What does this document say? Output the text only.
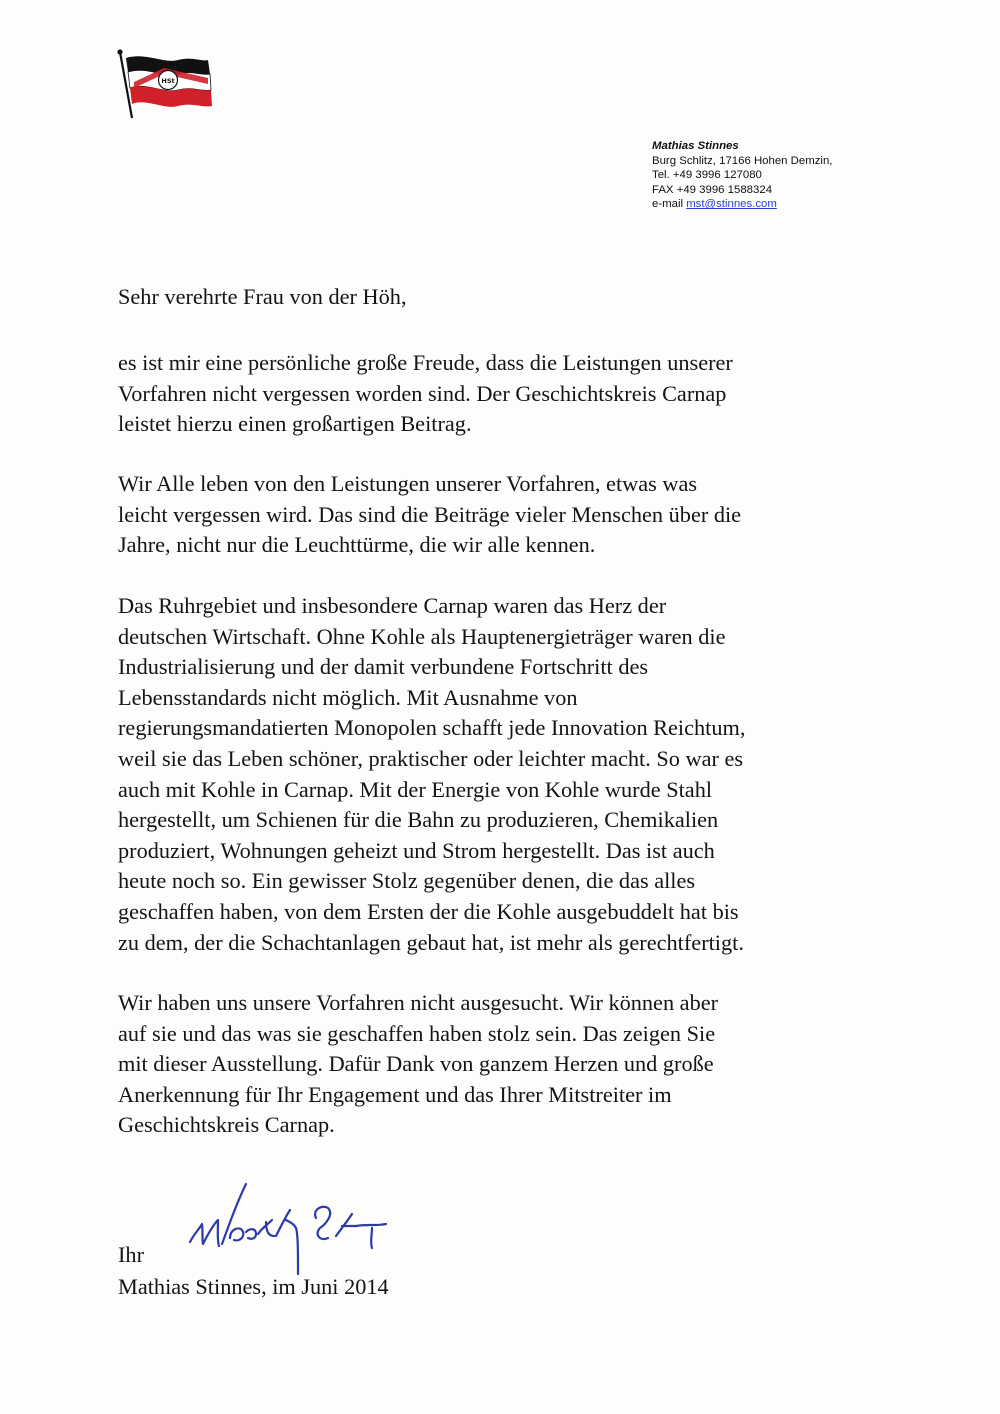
HSt
Mathias Stinnes
Burg Schlitz, 17166 Hohen Demzin,
Tel. +49 3996 127080
FAX +49 3996 1588324
e-mail mst@stinnes.com
Sehr verehrte Frau von der Höh,
es ist mir eine persönliche große Freude, dass die Leistungen unserer
Vorfahren nicht vergessen worden sind. Der Geschichtskreis Carnap
leistet hierzu einen großartigen Beitrag.
Wir Alle leben von den Leistungen unserer Vorfahren, etwas was
leicht vergessen wird. Das sind die Beiträge vieler Menschen über die
Jahre, nicht nur die Leuchttürme, die wir alle kennen.
Das Ruhrgebiet und insbesondere Carnap waren das Herz der
deutschen Wirtschaft. Ohne Kohle als Hauptenergieträger waren die
Industrialisierung und der damit verbundene Fortschritt des
Lebensstandards nicht möglich. Mit Ausnahme von
regierungsmandatierten Monopolen schafft jede Innovation Reichtum,
weil sie das Leben schöner, praktischer oder leichter macht. So war es
auch mit Kohle in Carnap. Mit der Energie von Kohle wurde Stahl
hergestellt, um Schienen für die Bahn zu produzieren, Chemikalien
produziert, Wohnungen geheizt und Strom hergestellt. Das ist auch
heute noch so. Ein gewisser Stolz gegenüber denen, die das alles
geschaffen haben, von dem Ersten der die Kohle ausgebuddelt hat bis
zu dem, der die Schachtanlagen gebaut hat, ist mehr als gerechtfertigt.
Wir haben uns unsere Vorfahren nicht ausgesucht. Wir können aber
auf sie und das was sie geschaffen haben stolz sein. Das zeigen Sie
mit dieser Ausstellung. Dafür Dank von ganzem Herzen und große
Anerkennung für Ihr Engagement und das Ihrer Mitstreiter im
Geschichtskreis Carnap.
Ihr
Mathias Stinnes, im Juni 2014
